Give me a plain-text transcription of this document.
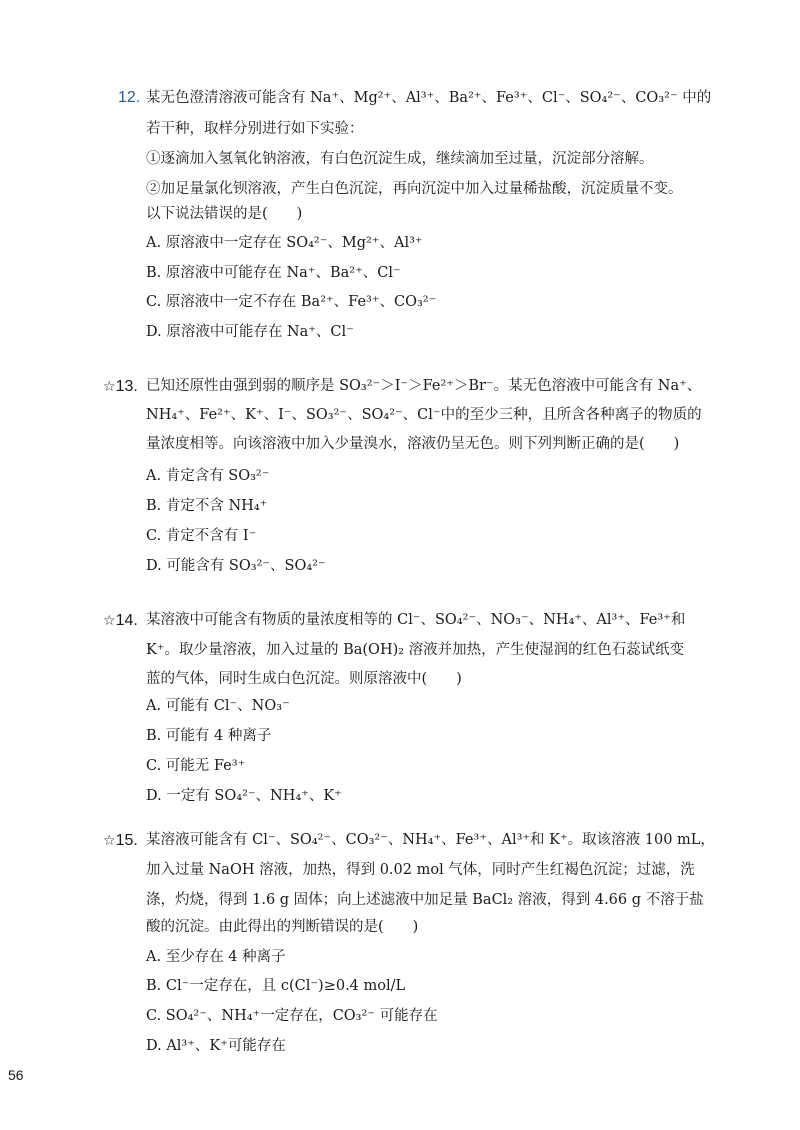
12. 某无色澄清溶液可能含有 Na⁺、Mg²⁺、Al³⁺、Ba²⁺、Fe³⁺、Cl⁻、SO₄²⁻、CO₃²⁻ 中的
若干种，取样分别进行如下实验：
①逐滴加入氢氧化钠溶液，有白色沉淀生成，继续滴加至过量，沉淀部分溶解。
②加足量氯化钡溶液，产生白色沉淀，再向沉淀中加入过量稀盐酸，沉淀质量不变。
以下说法错误的是(　　)
A. 原溶液中一定存在 SO₄²⁻、Mg²⁺、Al³⁺
B. 原溶液中可能存在 Na⁺、Ba²⁺、Cl⁻
C. 原溶液中一定不存在 Ba²⁺、Fe³⁺、CO₃²⁻
D. 原溶液中可能存在 Na⁺、Cl⁻
☆13. 已知还原性由强到弱的顺序是 SO₃²⁻＞I⁻＞Fe²⁺＞Br⁻。某无色溶液中可能含有 Na⁺、
NH₄⁺、Fe²⁺、K⁺、I⁻、SO₃²⁻、SO₄²⁻、Cl⁻中的至少三种，且所含各种离子的物质的
量浓度相等。向该溶液中加入少量溴水，溶液仍呈无色。则下列判断正确的是(　　)
A. 肯定含有 SO₃²⁻
B. 肯定不含 NH₄⁺
C. 肯定不含有 I⁻
D. 可能含有 SO₃²⁻、SO₄²⁻
☆14. 某溶液中可能含有物质的量浓度相等的 Cl⁻、SO₄²⁻、NO₃⁻、NH₄⁺、Al³⁺、Fe³⁺和
K⁺。取少量溶液，加入过量的 Ba(OH)₂ 溶液并加热，产生使湿润的红色石蕊试纸变
蓝的气体，同时生成白色沉淀。则原溶液中(　　)
A. 可能有 Cl⁻、NO₃⁻
B. 可能有 4 种离子
C. 可能无 Fe³⁺
D. 一定有 SO₄²⁻、NH₄⁺、K⁺
☆15. 某溶液可能含有 Cl⁻、SO₄²⁻、CO₃²⁻、NH₄⁺、Fe³⁺、Al³⁺和 K⁺。取该溶液 100 mL，
加入过量 NaOH 溶液，加热，得到 0.02 mol 气体，同时产生红褐色沉淀；过滤，洗
涤，灼烧，得到 1.6 g 固体；向上述滤液中加足量 BaCl₂ 溶液，得到 4.66 g 不溶于盐
酸的沉淀。由此得出的判断错误的是(　　)
A. 至少存在 4 种离子
B. Cl⁻一定存在，且 c(Cl⁻)≥0.4 mol/L
C. SO₄²⁻、NH₄⁺一定存在，CO₃²⁻ 可能存在
D. Al³⁺、K⁺可能存在
56
